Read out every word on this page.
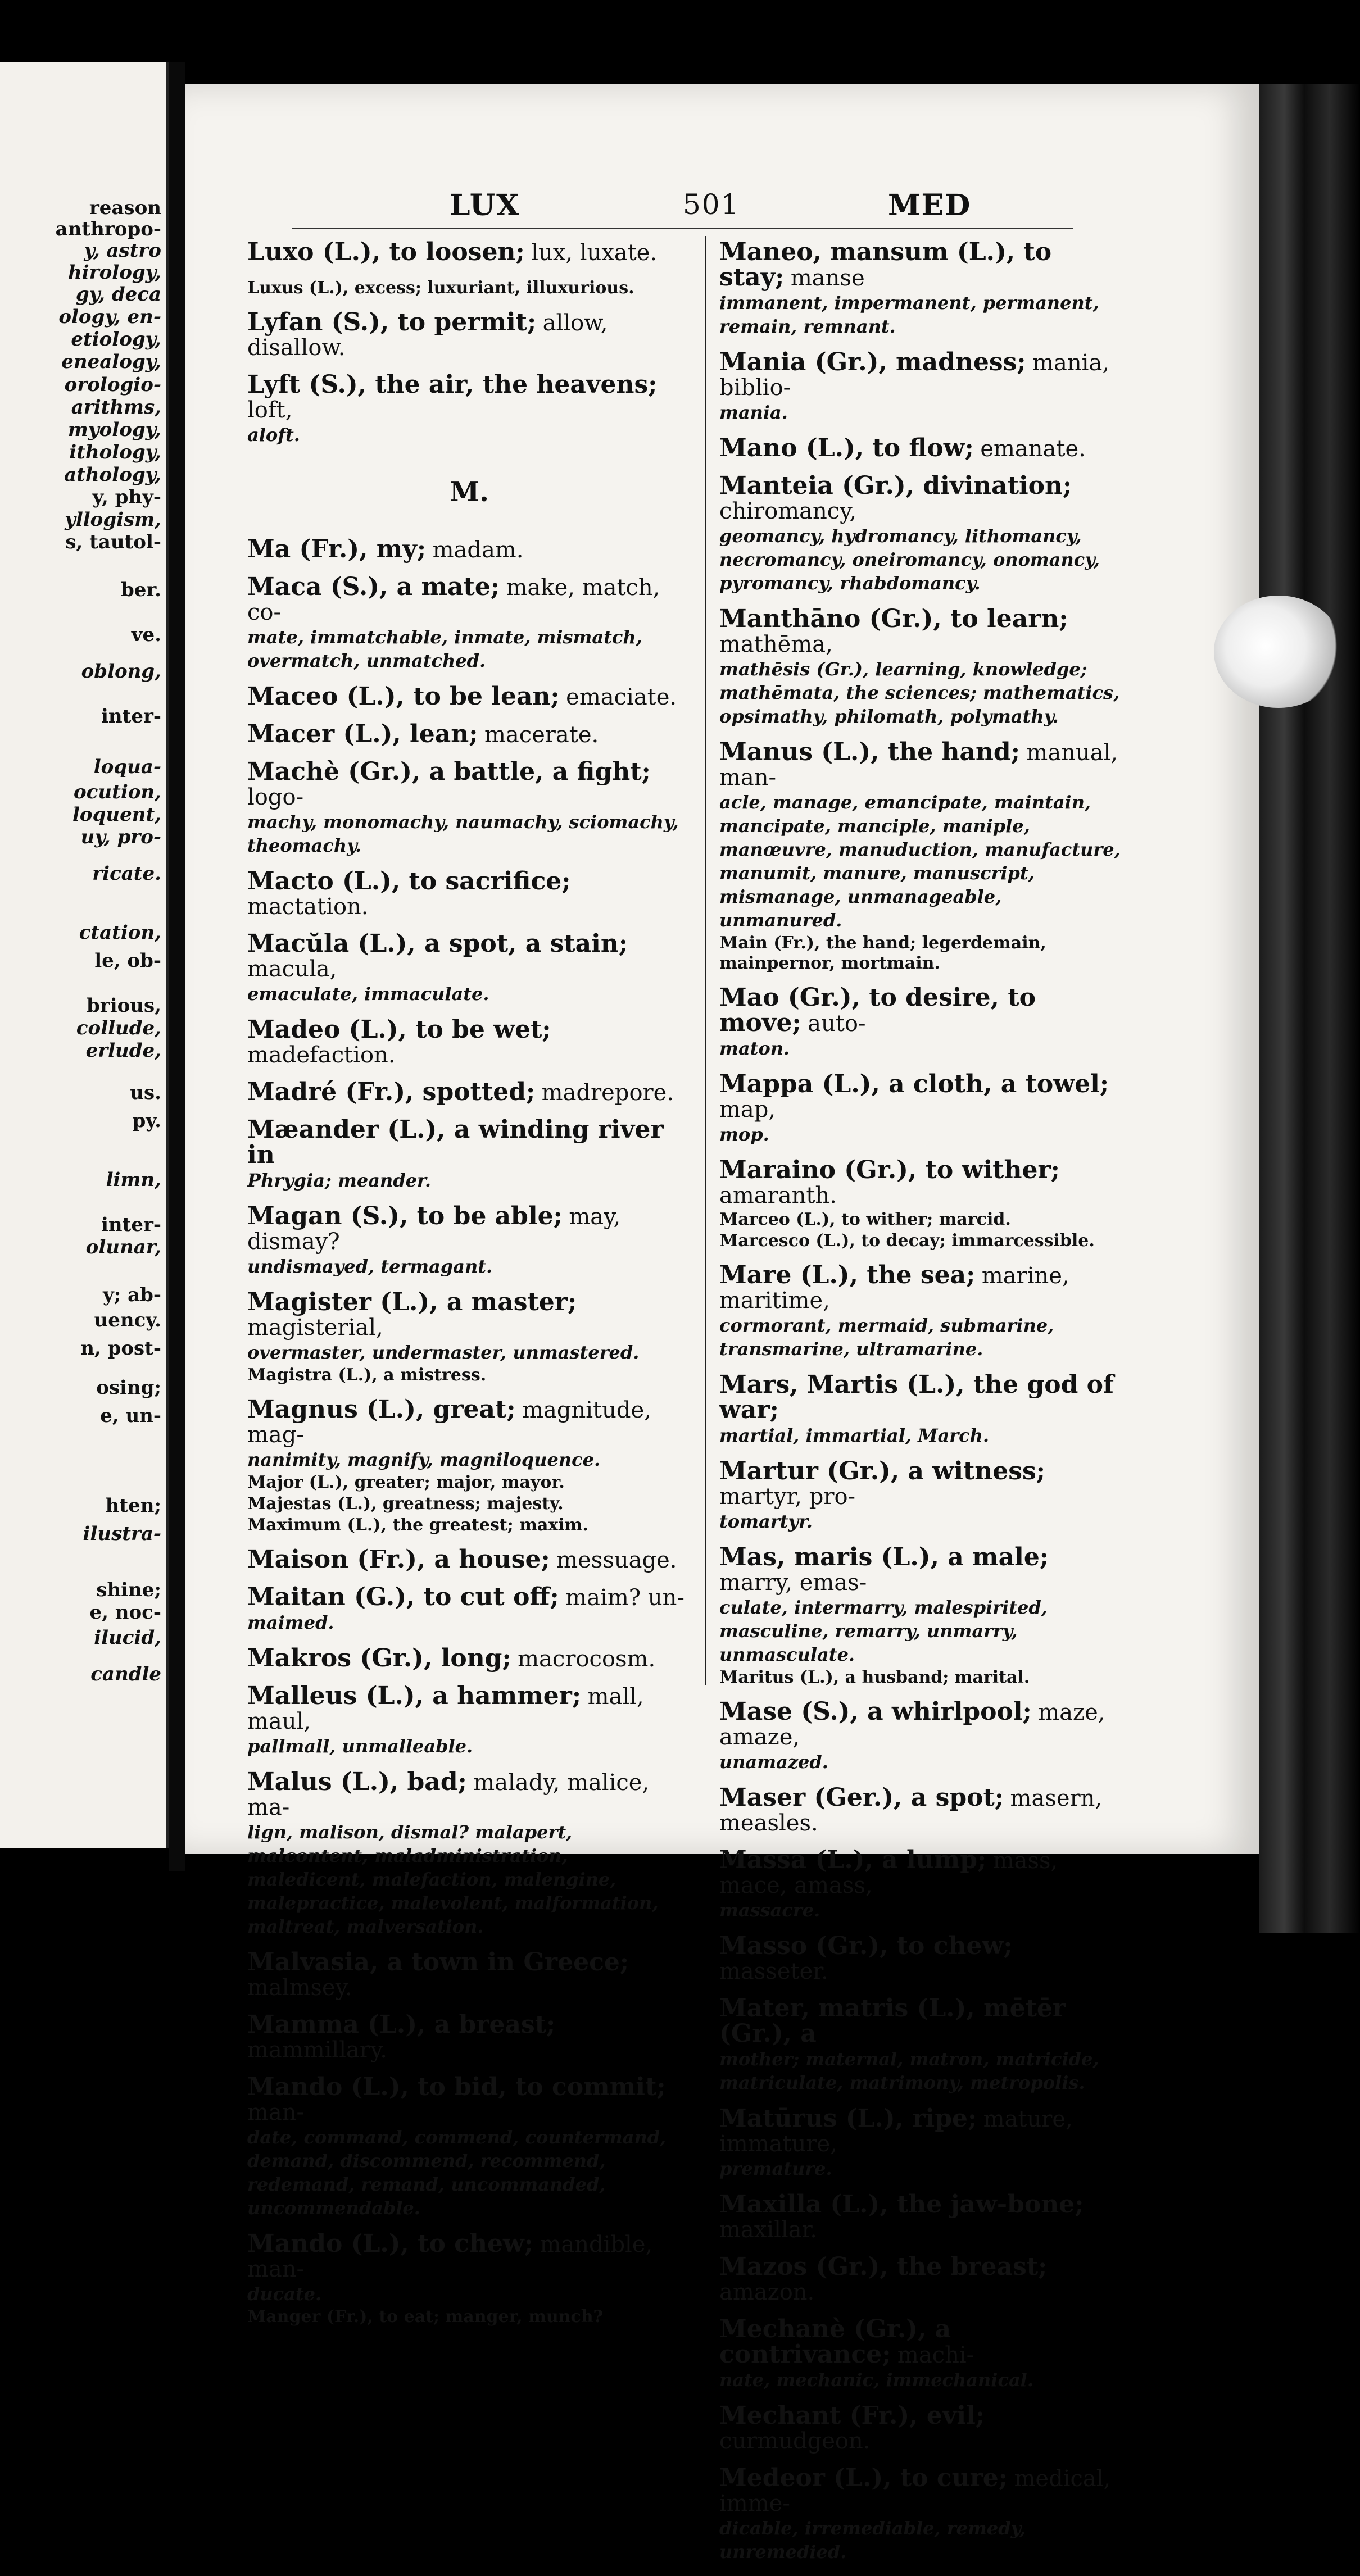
reason
anthropo-
y, astro
hirology,
gy, deca
ology, en-
etiology,
enealogy,
orologio-
arithms,
myology,
ithology,
athology,
y, phy-
yllogism,
s, tautol-
ber.
ve.
oblong,
inter-
loqua-
ocution,
loquent,
uy, pro-
ricate.
ctation,
le, ob-
brious,
collude,
erlude,
us.
py.
limn,
inter-
olunar,
y; ab-
uency.
n, post-
osing;
e, un-
hten;
ilustra-
shine;
e, noc-
ilucid,
candle
LUX	501	MED
Luxo (L.), to loosen; lux, luxate.
Luxus (L.), excess; luxuriant, illuxurious.
Lyfan (S.), to permit; allow, disallow.
Lyft (S.), the air, the heavens; loft,
aloft.
M.
Ma (Fr.), my; madam.
Maca (S.), a mate; make, match, co-
mate, immatchable, inmate, mismatch, overmatch, unmatched.
Maceo (L.), to be lean; emaciate.
Macer (L.), lean; macerate.
Machè (Gr.), a battle, a fight; logo-
machy, monomachy, naumachy, sciomachy, theomachy.
Macto (L.), to sacrifice; mactation.
Macŭla (L.), a spot, a stain; macula,
emaculate, immaculate.
Madeo (L.), to be wet; madefaction.
Madré (Fr.), spotted; madrepore.
Mæander (L.), a winding river in
Phrygia; meander.
Magan (S.), to be able; may, dismay?
undismayed, termagant.
Magister (L.), a master; magisterial,
overmaster, undermaster, unmastered.
Magistra (L.), a mistress.
Magnus (L.), great; magnitude, mag-
nanimity, magnify, magniloquence.
Major (L.), greater; major, mayor.
Majestas (L.), greatness; majesty.
Maximum (L.), the greatest; maxim.
Maison (Fr.), a house; messuage.
Maitan (G.), to cut off; maim? un-
maimed.
Makros (Gr.), long; macrocosm.
Malleus (L.), a hammer; mall, maul,
pallmall, unmalleable.
Malus (L.), bad; malady, malice, ma-
lign, malison, dismal? malapert, malcontent, maladministration, maledicent, malefaction, malengine, malepractice, malevolent, malformation, maltreat, malversation.
Malvasia, a town in Greece; malmsey.
Mamma (L.), a breast; mammillary.
Mando (L.), to bid, to commit; man-
date, command, commend, countermand, demand, discommend, recommend, redemand, remand, uncommanded, uncommendable.
Mando (L.), to chew; mandible, man-
ducate.
Manger (Fr.), to eat; manger, munch?
Maneo, mansum (L.), to stay; manse
immanent, impermanent, permanent, remain, remnant.
Mania (Gr.), madness; mania, biblio-
mania.
Mano (L.), to flow; emanate.
Manteia (Gr.), divination; chiromancy,
geomancy, hydromancy, lithomancy, necromancy, oneiromancy, onomancy, pyromancy, rhabdomancy.
Manthāno (Gr.), to learn; mathēma,
mathēsis (Gr.), learning, knowledge; mathēmata, the sciences; mathematics, opsimathy, philomath, polymathy.
Manus (L.), the hand; manual, man-
acle, manage, emancipate, maintain, mancipate, manciple, maniple, manœuvre, manuduction, manufacture, manumit, manure, manuscript, mismanage, unmanageable, unmanured.
Main (Fr.), the hand; legerdemain, mainpernor, mortmain.
Mao (Gr.), to desire, to move; auto-
maton.
Mappa (L.), a cloth, a towel; map,
mop.
Maraino (Gr.), to wither; amaranth.
Marceo (L.), to wither; marcid.
Marcesco (L.), to decay; immarcessible.
Mare (L.), the sea; marine, maritime,
cormorant, mermaid, submarine, transmarine, ultramarine.
Mars, Martis (L.), the god of war;
martial, immartial, March.
Martur (Gr.), a witness; martyr, pro-
tomartyr.
Mas, maris (L.), a male; marry, emas-
culate, intermarry, malespirited, masculine, remarry, unmarry, unmasculate.
Maritus (L.), a husband; marital.
Mase (S.), a whirlpool; maze, amaze,
unamazed.
Maser (Ger.), a spot; masern, measles.
Massa (L.), a lump; mass, mace, amass,
massacre.
Masso (Gr.), to chew; masseter.
Mater, matris (L.), mētēr (Gr.), a
mother; maternal, matron, matricide, matriculate, matrimony, metropolis.
Matūrus (L.), ripe; mature, immature,
premature.
Maxilla (L.), the jaw-bone; maxillar.
Mazos (Gr.), the breast; amazon.
Mechanè (Gr.), a contrivance; machi-
nate, mechanic, immechanical.
Mechant (Fr.), evil; curmudgeon.
Medeor (L.), to cure; medical, imme-
dicable, irremediable, remedy, unremedied.
